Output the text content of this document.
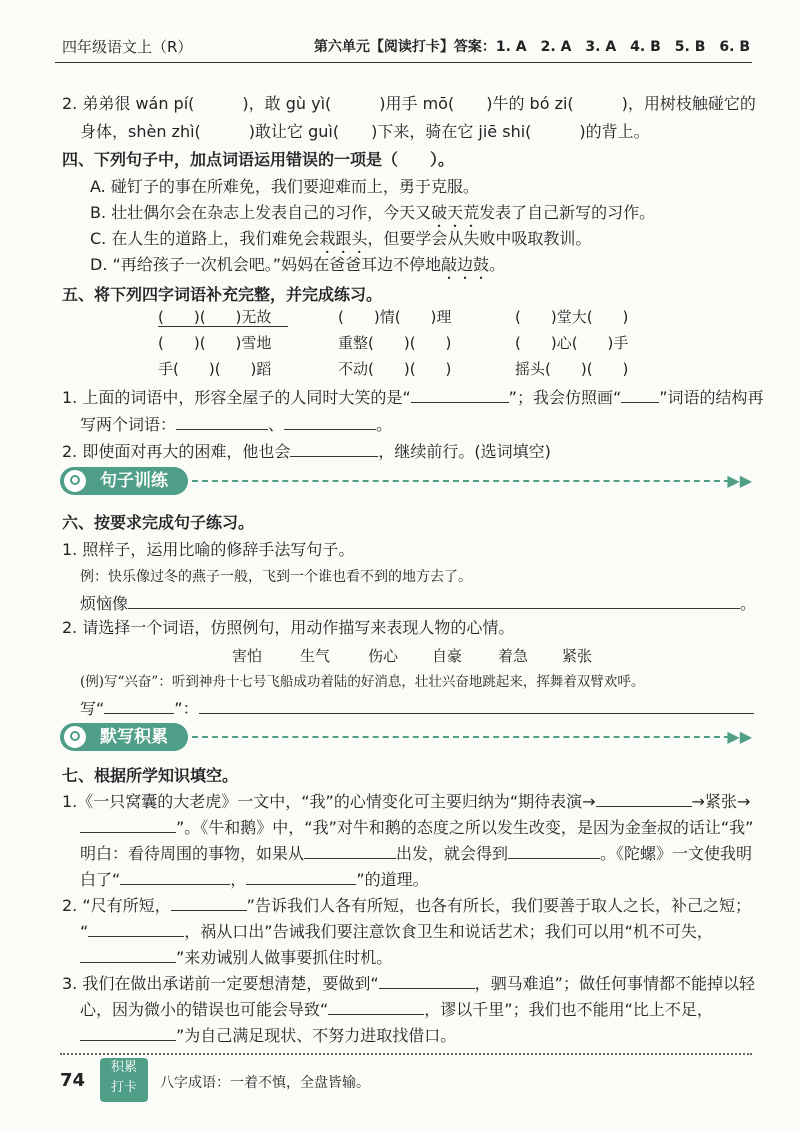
四年级语文上（R）	第六单元【阅读打卡】答案：1. A　2. A　3. A　4. B　5. B　6. B
2. 弟弟很 wán pí(　　　)，敢 gù yì(　　　)用手 mō(　　)牛的 bó zi(　　　)，用树枝触碰它的
身体，shèn zhì(　　　)敢让它 guì(　　)下来，骑在它 jiē shi(　　　)的背上。
四、下列句子中，加点词语运用错误的一项是（　　）。
A. 碰钉子的事在所难免，我们要迎难而上，勇于克服。
B. 壮壮偶尔会在杂志上发表自己的习作，今天又破天荒发表了自己新写的习作。
C. 在人生的道路上，我们难免会栽跟头，但要学会从失败中吸取教训。
D. “再给孩子一次机会吧。”妈妈在爸爸耳边不停地敲边鼓。
五、将下列四字词语补充完整，并完成练习。
(　　)(　　)无故	(　　)情(　　)理	(　　)堂大(　　)
(　　)(　　)雪地	重整(　　)(　　)	(　　)心(　　)手
手(　　)(　　)蹈	不动(　　)(　　)	摇头(　　)(　　)
1. 上面的词语中，形容全屋子的人同时大笑的是“	”；我会仿照画“ ”词语的结构再
写两个词语：	、	。
2. 即使面对再大的困难，他也会	，继续前行。(选词填空)
句子训练	▶▶
六、按要求完成句子练习。
1. 照样子，运用比喻的修辞手法写句子。
例：快乐像过冬的燕子一般，飞到一个谁也看不到的地方去了。
烦恼像	。
2. 请选择一个词语，仿照例句，用动作描写来表现人物的心情。
害怕	生气	伤心 自豪 着急 紧张
(例)写“兴奋”：听到神舟十七号飞船成功着陆的好消息，壮壮兴奋地跳起来，挥舞着双臂欢呼。
写“	”：
默写积累	▶▶
七、根据所学知识填空。
1.《一只窝囊的大老虎》一文中，“我”的心情变化可主要归纳为“期待表演→	→紧张→
”。《牛和鹅》中，“我”对牛和鹅的态度之所以发生改变，是因为金奎叔的话让“我”
明白：看待周围的事物，如果从	出发，就会得到	。《陀螺》一文使我明
白了“	，	”的道理。
2. “尺有所短，	”告诉我们人各有所短，也各有所长，我们要善于取人之长，补己之短；
“	，祸从口出”告诫我们要注意饮食卫生和说话艺术；我们可以用“机不可失，
”来劝诫别人做事要抓住时机。
3. 我们在做出承诺前一定要想清楚，要做到“	，驷马难追”；做任何事情都不能掉以轻
心，因为微小的错误也可能会导致“	，谬以千里”；我们也不能用“比上不足，
”为自己满足现状、不努力进取找借口。
74
积累
打卡	八字成语：一着不慎，全盘皆输。
